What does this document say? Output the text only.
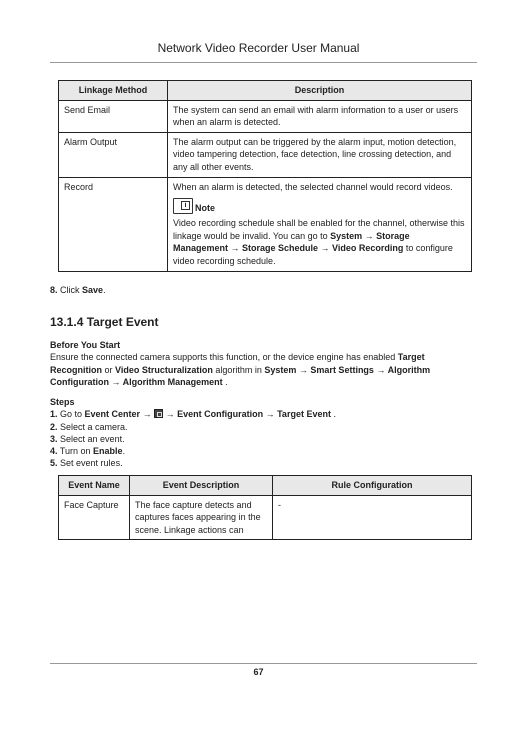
Network Video Recorder User Manual
Linkage Method	Description
Send Email	The system can send an email with alarm information to a user or users when an alarm is detected.
Alarm Output	The alarm output can be triggered by the alarm input, motion detection, video tampering detection, face detection, line crossing detection, and any all other events.
Record	When an alarm is detected, the selected channel would record videos.
i Note
Video recording schedule shall be enabled for the channel, otherwise this linkage would be invalid. You can go to System → Storage Management → Storage Schedule → Video Recording to configure video recording schedule.
8. Click Save.
13.1.4 Target Event
Before You Start
Ensure the connected camera supports this function, or the device engine has enabled Target Recognition or Video Structuralization algorithm in System → Smart Settings → Algorithm Configuration → Algorithm Management .
Steps
1. Go to Event Center → → Event Configuration → Target Event .
2. Select a camera.
3. Select an event.
4. Turn on Enable.
5. Set event rules.
Event Name	Event Description	Rule Configuration
Face Capture	The face capture detects and captures faces appearing in the scene. Linkage actions can	-
67
